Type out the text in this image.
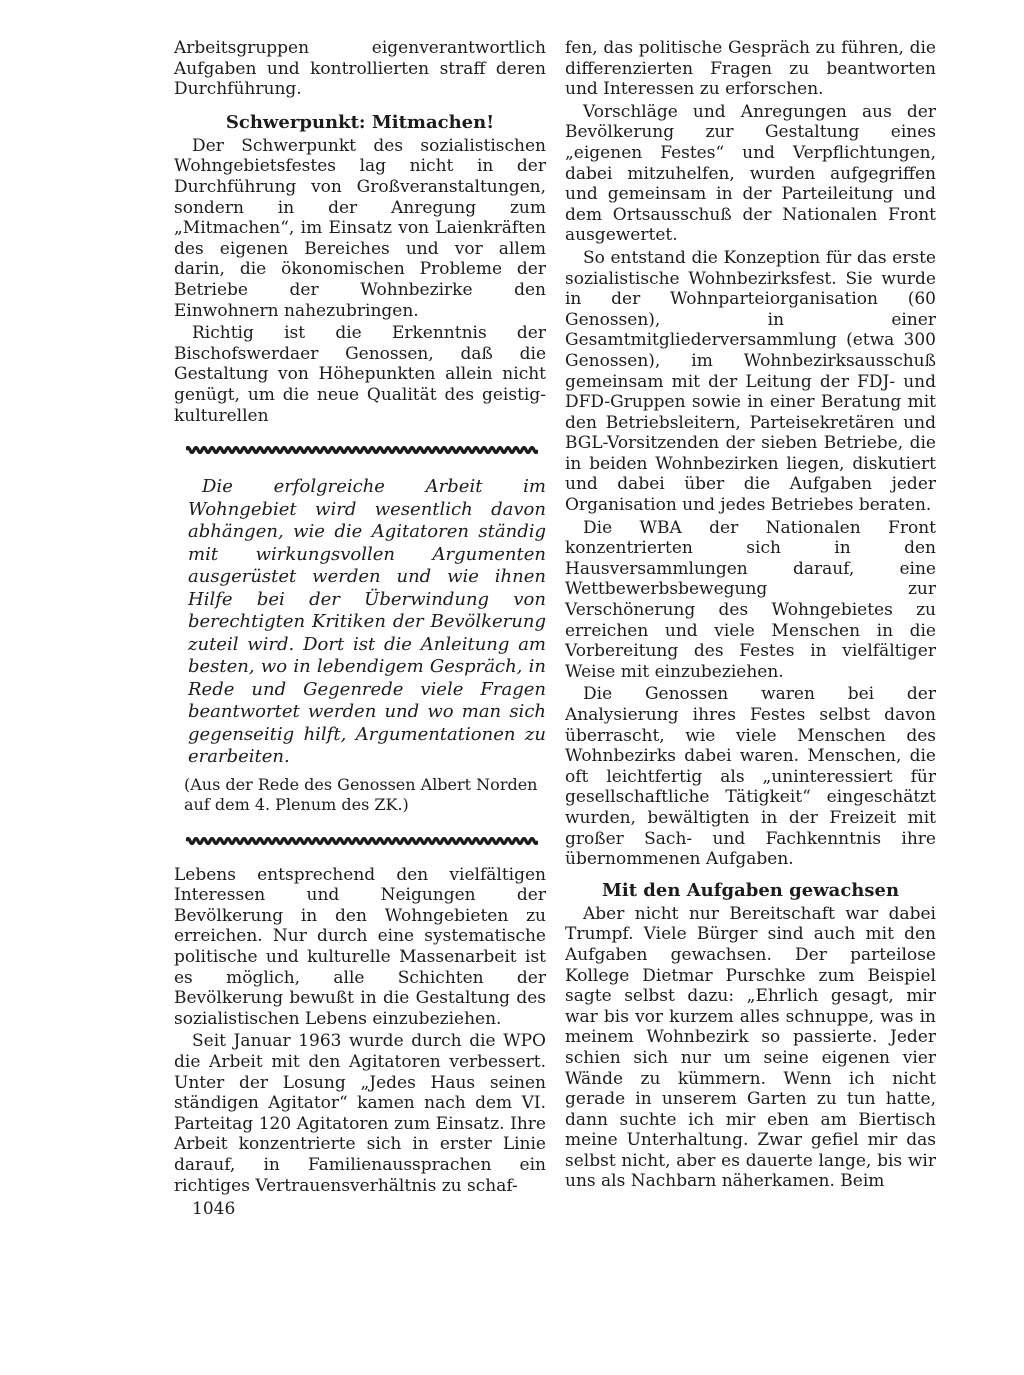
Arbeitsgruppen eigenverantwortlich Aufgaben und kontrollierten straff deren Durchführung.

Schwerpunkt: Mitmachen!

Der Schwerpunkt des sozialistischen Wohngebietsfestes lag nicht in der Durchführung von Großveranstaltungen, sondern in der Anregung zum „Mitmachen“, im Einsatz von Laienkräften des eigenen Bereiches und vor allem darin, die ökonomischen Probleme der Betriebe der Wohnbezirke den Einwohnern nahezubringen.

Richtig ist die Erkenntnis der Bischofswerdaer Genossen, daß die Gestaltung von Höhepunkten allein nicht genügt, um die neue Qualität des geistig-kulturellen

Die erfolgreiche Arbeit im Wohngebiet wird wesentlich davon abhängen, wie die Agitatoren ständig mit wirkungsvollen Argumenten ausgerüstet werden und wie ihnen Hilfe bei der Überwindung von berechtigten Kritiken der Bevölkerung zuteil wird. Dort ist die Anleitung am besten, wo in lebendigem Gespräch, in Rede und Gegenrede viele Fragen beantwortet werden und wo man sich gegenseitig hilft, Argumentationen zu erarbeiten.

(Aus der Rede des Genossen Albert Norden auf dem 4. Plenum des ZK.)

Lebens entsprechend den vielfältigen Interessen und Neigungen der Bevölkerung in den Wohngebieten zu erreichen. Nur durch eine systematische politische und kulturelle Massenarbeit ist es möglich, alle Schichten der Bevölkerung bewußt in die Gestaltung des sozialistischen Lebens einzubeziehen.

Seit Januar 1963 wurde durch die WPO die Arbeit mit den Agitatoren verbessert. Unter der Losung „Jedes Haus seinen ständigen Agitator“ kamen nach dem VI. Parteitag 120 Agitatoren zum Einsatz. Ihre Arbeit konzentrierte sich in erster Linie darauf, in Familienaussprachen ein richtiges Vertrauensverhältnis zu schaf-

fen, das politische Gespräch zu führen, die differenzierten Fragen zu beantworten und Interessen zu erforschen.

Vorschläge und Anregungen aus der Bevölkerung zur Gestaltung eines „eigenen Festes“ und Verpflichtungen, dabei mitzuhelfen, wurden aufgegriffen und gemeinsam in der Parteileitung und dem Ortsausschuß der Nationalen Front ausgewertet.

So entstand die Konzeption für das erste sozialistische Wohnbezirksfest. Sie wurde in der Wohnparteiorganisation (60 Genossen), in einer Gesamtmitgliederversammlung (etwa 300 Genossen), im Wohnbezirksausschuß gemeinsam mit der Leitung der FDJ- und DFD-Gruppen sowie in einer Beratung mit den Betriebsleitern, Parteisekretären und BGL-Vorsitzenden der sieben Betriebe, die in beiden Wohnbezirken liegen, diskutiert und dabei über die Aufgaben jeder Organisation und jedes Betriebes beraten.

Die WBA der Nationalen Front konzentrierten sich in den Hausversammlungen darauf, eine Wettbewerbsbewegung zur Verschönerung des Wohngebietes zu erreichen und viele Menschen in die Vorbereitung des Festes in vielfältiger Weise mit einzubeziehen.

Die Genossen waren bei der Analysierung ihres Festes selbst davon überrascht, wie viele Menschen des Wohnbezirks dabei waren. Menschen, die oft leichtfertig als „uninteressiert für gesellschaftliche Tätigkeit“ eingeschätzt wurden, bewältigten in der Freizeit mit großer Sach- und Fachkenntnis ihre übernommenen Aufgaben.

Mit den Aufgaben gewachsen

Aber nicht nur Bereitschaft war dabei Trumpf. Viele Bürger sind auch mit den Aufgaben gewachsen. Der parteilose Kollege Dietmar Purschke zum Beispiel sagte selbst dazu: „Ehrlich gesagt, mir war bis vor kurzem alles schnuppe, was in meinem Wohnbezirk so passierte. Jeder schien sich nur um seine eigenen vier Wände zu kümmern. Wenn ich nicht gerade in unserem Garten zu tun hatte, dann suchte ich mir eben am Biertisch meine Unterhaltung. Zwar gefiel mir das selbst nicht, aber es dauerte lange, bis wir uns als Nachbarn näherkamen. Beim

1046
